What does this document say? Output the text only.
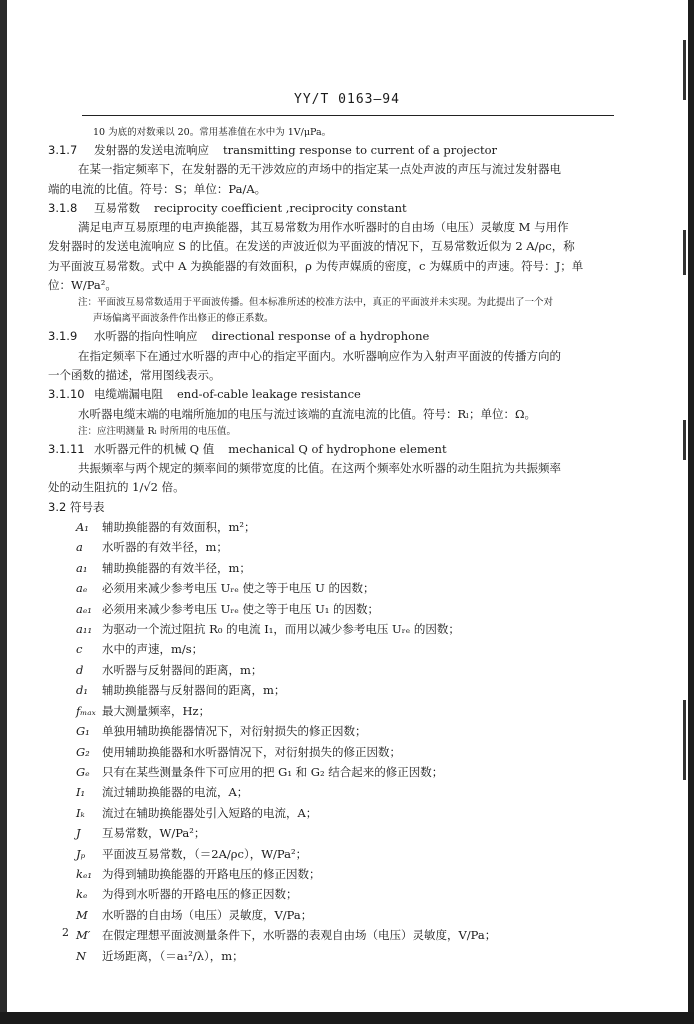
YY/T 0163—94
10 为底的对数乘以 20。常用基准值在水中为 1V/μPa。
3.1.7 发射器的发送电流响应 transmitting response to current of a projector
在某一指定频率下，在发射器的无干涉效应的声场中的指定某一点处声波的声压与流过发射器电
端的电流的比值。符号：S；单位：Pa/A。
3.1.8 互易常数 reciprocity coefficient ,reciprocity constant
满足电声互易原理的电声换能器，其互易常数为用作水听器时的自由场（电压）灵敏度 M 与用作
发射器时的发送电流响应 S 的比值。在发送的声波近似为平面波的情况下，互易常数近似为 2 A/ρc，称
为平面波互易常数。式中 A 为换能器的有效面积，ρ 为传声媒质的密度，c 为媒质中的声速。符号：J；单
位：W/Pa²。
注：平面波互易常数适用于平面波传播。但本标准所述的校准方法中，真正的平面波并未实现。为此提出了一个对
声场偏离平面波条件作出修正的修正系数。
3.1.9 水听器的指向性响应 directional response of a hydrophone
在指定频率下在通过水听器的声中心的指定平面内。水听器响应作为入射声平面波的传播方向的
一个函数的描述，常用图线表示。
3.1.10 电缆端漏电阻 end-of-cable leakage resistance
水听器电缆末端的电端所施加的电压与流过该端的直流电流的比值。符号：Rₗ；单位：Ω。
注：应注明测量 Rₗ 时所用的电压值。
3.1.11 水听器元件的机械 Q 值 mechanical Q of hydrophone element
共振频率与两个规定的频率间的频带宽度的比值。在这两个频率处水听器的动生阻抗为共振频率
处的动生阻抗的 1/√2 倍。
3.2 符号表
A₁	辅助换能器的有效面积，m²；
a	水听器的有效半径，m；
a₁	辅助换能器的有效半径，m；
aₑ	必须用来减少参考电压 Uᵣₑ 使之等于电压 U 的因数；
aₑ₁ 必须用来减少参考电压 Uᵣₑ 使之等于电压 U₁ 的因数；
a₁₁ 为驱动一个流过阻抗 R₀ 的电流 I₁，而用以减少参考电压 Uᵣₑ 的因数；
c	水中的声速，m/s；
d	水听器与反射器间的距离，m；
d₁	辅助换能器与反射器间的距离，m；
fₘₐₓ 最大测量频率，Hz；
G₁	单独用辅助换能器情况下，对衍射损失的修正因数；
G₂	使用辅助换能器和水听器情况下，对衍射损失的修正因数；
Gₑ	只有在某些测量条件下可应用的把 G₁ 和 G₂ 结合起来的修正因数；
I₁	流过辅助换能器的电流，A；
Iₖ	流过在辅助换能器处引入短路的电流，A；
J	互易常数，W/Pa²；
Jₚ	平面波互易常数，（＝2A/ρc），W/Pa²；
kₑ₁ 为得到辅助换能器的开路电压的修正因数；
kₑ	为得到水听器的开路电压的修正因数；
M	水听器的自由场（电压）灵敏度，V/Pa；
M′	在假定理想平面波测量条件下，水听器的表观自由场（电压）灵敏度，V/Pa；
N	近场距离，（＝a₁²/λ），m；
2
